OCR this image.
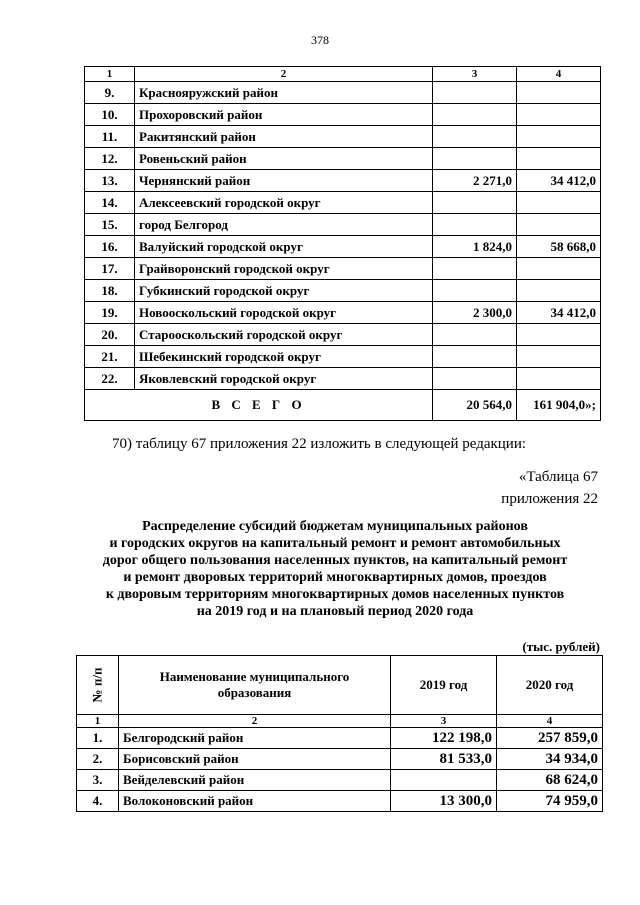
378
1	2	3	4
9.	Краснояружский район		
10.	Прохоровский район		
11.	Ракитянский район		
12.	Ровеньский район		
13.	Чернянский район	2 271,0	34 412,0
14.	Алексеевский городской округ		
15.	город Белгород		
16.	Валуйский городской округ	1 824,0	58 668,0
17.	Грайворонский городской округ		
18.	Губкинский городской округ		
19.	Новооскольский городской округ	2 300,0	34 412,0
20.	Старооскольский городской округ		
21.	Шебекинский городской округ		
22.	Яковлевский городской округ		
В С Е Г О		20 564,0	161 904,0»;
70) таблицу 67 приложения 22 изложить в следующей редакции:
«Таблица 67
приложения 22
Распределение субсидий бюджетам муниципальных районов
и городских округов на капитальный ремонт и ремонт автомобильных
дорог общего пользования населенных пунктов, на капитальный ремонт
и ремонт дворовых территорий многоквартирных домов, проездов
к дворовым территориям многоквартирных домов населенных пунктов
на 2019 год и на плановый период 2020 года
(тыс. рублей)
№ п/п	Наименование муниципального образования	2019 год	2020 год
1	2	3	4
1.	Белгородский район	122 198,0	257 859,0
2.	Борисовский район	81 533,0	34 934,0
3.	Вейделевский район		68 624,0
4.	Волоконовский район	13 300,0	74 959,0
